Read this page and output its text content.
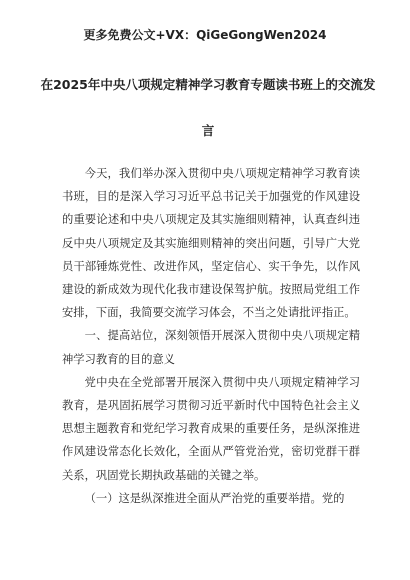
更多免费公文+VX：QiGeGongWen2024
在2025年中央八项规定精神学习教育专题读书班上的交流发言

今天，我们举办深入贯彻中央八项规定精神学习教育读书班，目的是深入学习习近平总书记关于加强党的作风建设的重要论述和中央八项规定及其实施细则精神，认真查纠违反中央八项规定及其实施细则精神的突出问题，引导广大党员干部锤炼党性、改进作风，坚定信心、实干争先，以作风建设的新成效为现代化我市建设保驾护航。按照局党组工作安排，下面，我简要交流学习体会，不当之处请批评指正。

一、提高站位，深刻领悟开展深入贯彻中央八项规定精神学习教育的目的意义

党中央在全党部署开展深入贯彻中央八项规定精神学习教育，是巩固拓展学习贯彻习近平新时代中国特色社会主义思想主题教育和党纪学习教育成果的重要任务，是纵深推进作风建设常态化长效化，全面从严管党治党，密切党群干群关系，巩固党长期执政基础的关键之举。

（一）这是纵深推进全面从严治党的重要举措。党的
